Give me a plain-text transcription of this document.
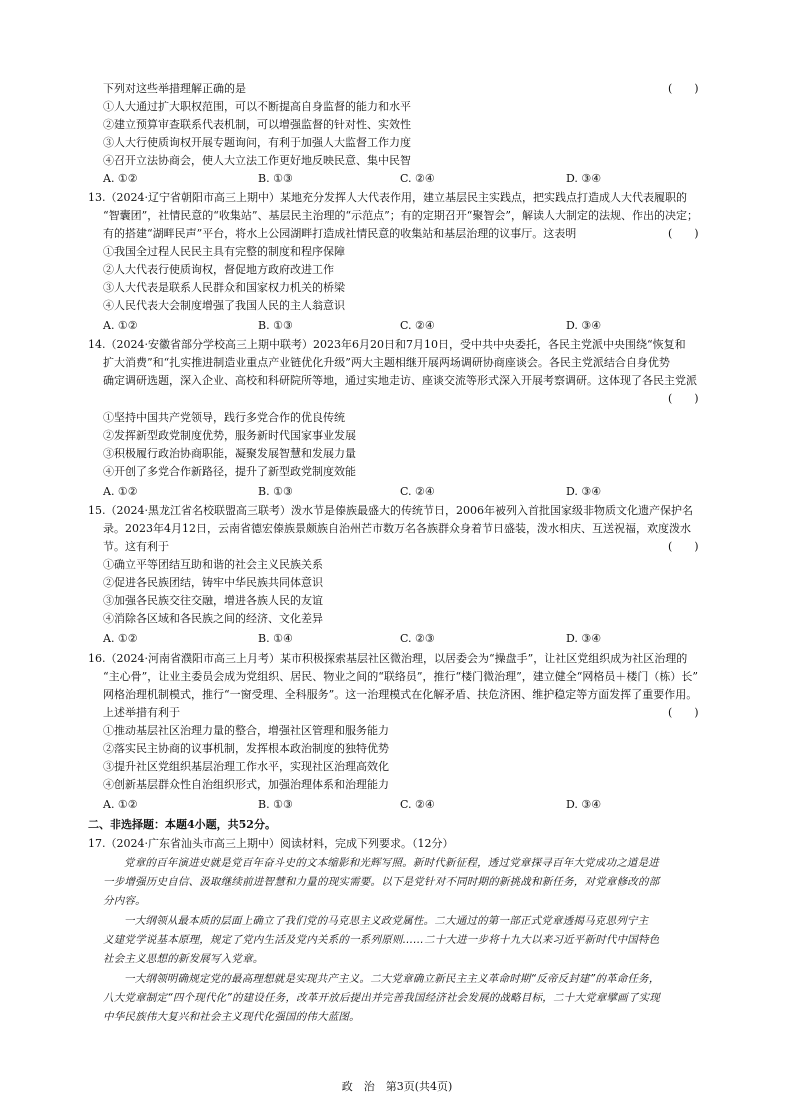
下列对这些举措理解正确的是	(　　)
①人大通过扩大职权范围，可以不断提高自身监督的能力和水平
②建立预算审查联系代表机制，可以增强监督的针对性、实效性
③人大行使质询权开展专题询问，有利于加强人大监督工作力度
④召开立法协商会，使人大立法工作更好地反映民意、集中民智
A. ①②	B. ①③	C. ②④	D. ③④
13.（2024·辽宁省朝阳市高三上期中）某地充分发挥人大代表作用，建立基层民主实践点，把实践点打造成人大代表履职的
“智囊团”，社情民意的“收集站”、基层民主治理的“示范点”；有的定期召开“聚智会”，解读人大制定的法规、作出的决定；
有的搭建“湖畔民声”平台，将水上公园湖畔打造成社情民意的收集站和基层治理的议事厅。这表明	(　　)
①我国全过程人民民主具有完整的制度和程序保障
②人大代表行使质询权，督促地方政府改进工作
③人大代表是联系人民群众和国家权力机关的桥梁
④人民代表大会制度增强了我国人民的主人翁意识
A. ①②	B. ①③	C. ②④	D. ③④
14.（2024·安徽省部分学校高三上期中联考）2023年6月20日和7月10日，受中共中央委托，各民主党派中央围绕“恢复和
扩大消费”和“扎实推进制造业重点产业链优化升级”两大主题相继开展两场调研协商座谈会。各民主党派结合自身优势
确定调研选题，深入企业、高校和科研院所等地，通过实地走访、座谈交流等形式深入开展考察调研。这体现了各民主党派
(　　)
①坚持中国共产党领导，践行多党合作的优良传统
②发挥新型政党制度优势，服务新时代国家事业发展
③积极履行政治协商职能，凝聚发展智慧和发展力量
④开创了多党合作新路径，提升了新型政党制度效能
A. ①②	B. ①③	C. ②④	D. ③④
15.（2024·黑龙江省名校联盟高三联考）泼水节是傣族最盛大的传统节日，2006年被列入首批国家级非物质文化遗产保护名
录。2023年4月12日，云南省德宏傣族景颇族自治州芒市数万名各族群众身着节日盛装，泼水相庆、互送祝福，欢度泼水
节。这有利于	(　　)
①确立平等团结互助和谐的社会主义民族关系
②促进各民族团结，铸牢中华民族共同体意识
③加强各民族交往交融，增进各族人民的友谊
④消除各区域和各民族之间的经济、文化差异
A. ①②	B. ①④	C. ②③	D. ③④
16.（2024·河南省濮阳市高三上月考）某市积极探索基层社区微治理，以居委会为“操盘手”，让社区党组织成为社区治理的
“主心骨”，让业主委员会成为党组织、居民、物业之间的“联络员”，推行“楼门微治理”，建立健全“网格员＋楼门（栋）长”
网格治理机制模式，推行“一窗受理、全科服务”。这一治理模式在化解矛盾、扶危济困、维护稳定等方面发挥了重要作用。
上述举措有利于	(　　)
①推动基层社区治理力量的整合，增强社区管理和服务能力
②落实民主协商的议事机制，发挥根本政治制度的独特优势
③提升社区党组织基层治理工作水平，实现社区治理高效化
④创新基层群众性自治组织形式，加强治理体系和治理能力
A. ①②	B. ①③	C. ②④	D. ③④
二、非选择题：本题4小题，共52分。
17.（2024·广东省汕头市高三上期中）阅读材料，完成下列要求。（12分）
党章的百年演进史就是党百年奋斗史的文本缩影和光辉写照。新时代新征程，透过党章探寻百年大党成功之道是进
一步增强历史自信、汲取继续前进智慧和力量的现实需要。以下是党针对不同时期的新挑战和新任务，对党章修改的部
分内容。
一大纲领从最本质的层面上确立了我们党的马克思主义政党属性。二大通过的第一部正式党章透揭马克思列宁主
义建党学说基本原理，规定了党内生活及党内关系的一系列原则……二十大进一步将十九大以来习近平新时代中国特色
社会主义思想的新发展写入党章。
一大纲领明确规定党的最高理想就是实现共产主义。二大党章确立新民主主义革命时期“反帝反封建”的革命任务，
八大党章制定“四个现代化”的建设任务，改革开放后提出并完善我国经济社会发展的战略目标，二十大党章擘画了实现
中华民族伟大复兴和社会主义现代化强国的伟大蓝图。
政　治　第3页(共4页)
